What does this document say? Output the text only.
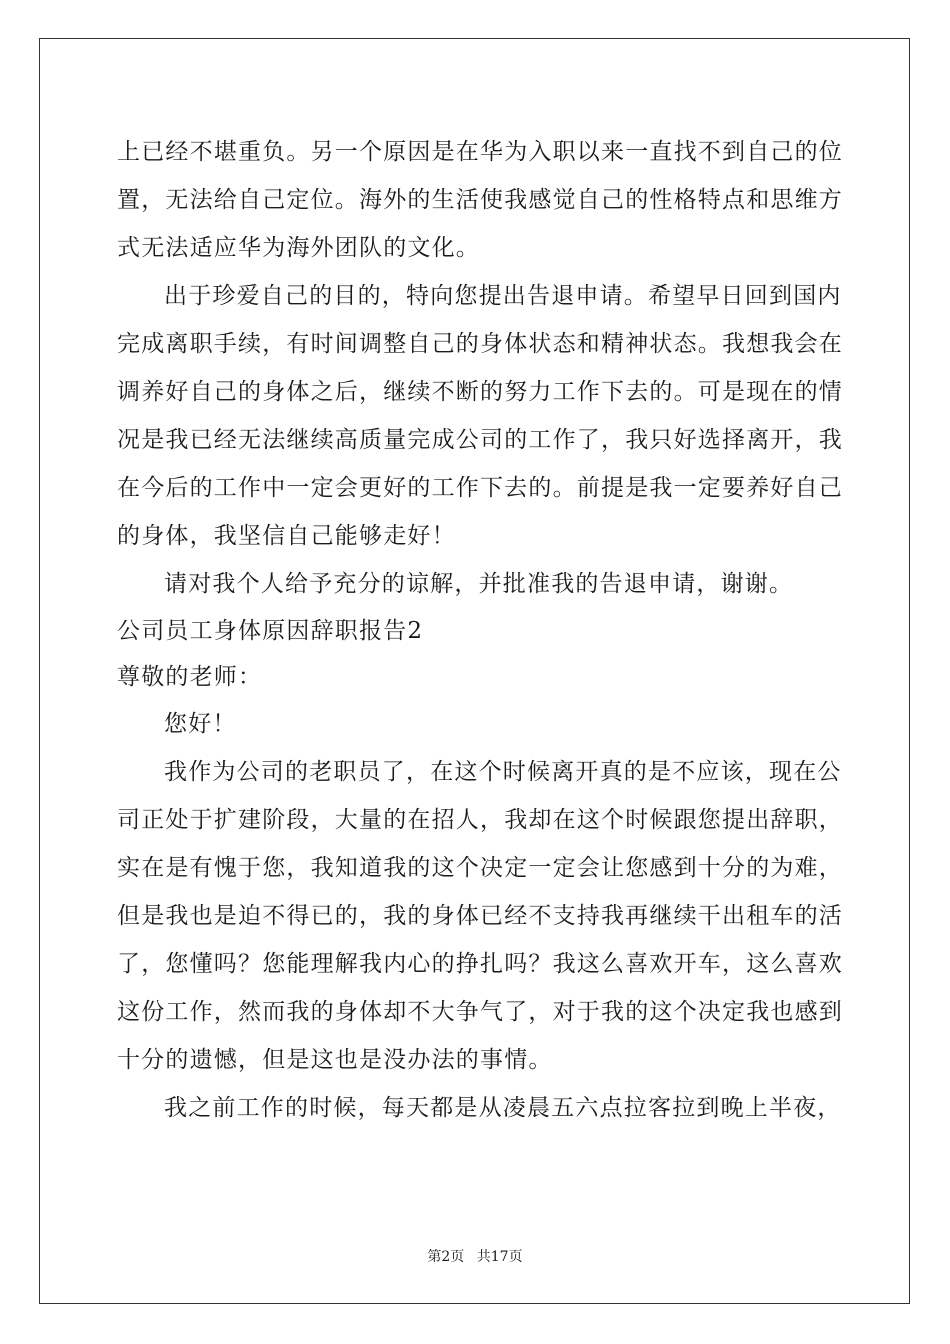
上已经不堪重负。另一个原因是在华为入职以来一直找不到自己的位
置，无法给自己定位。海外的生活使我感觉自己的性格特点和思维方
式无法适应华为海外团队的文化。
出于珍爱自己的目的，特向您提出告退申请。希望早日回到国内
完成离职手续，有时间调整自己的身体状态和精神状态。我想我会在
调养好自己的身体之后，继续不断的努力工作下去的。可是现在的情
况是我已经无法继续高质量完成公司的工作了，我只好选择离开，我
在今后的工作中一定会更好的工作下去的。前提是我一定要养好自己
的身体，我坚信自己能够走好！
请对我个人给予充分的谅解，并批准我的告退申请，谢谢。
公司员工身体原因辞职报告2
尊敬的老师：
您好！
我作为公司的老职员了，在这个时候离开真的是不应该，现在公
司正处于扩建阶段，大量的在招人，我却在这个时候跟您提出辞职，
实在是有愧于您，我知道我的这个决定一定会让您感到十分的为难，
但是我也是迫不得已的，我的身体已经不支持我再继续干出租车的活
了，您懂吗？您能理解我内心的挣扎吗？我这么喜欢开车，这么喜欢
这份工作，然而我的身体却不大争气了，对于我的这个决定我也感到
十分的遗憾，但是这也是没办法的事情。
我之前工作的时候，每天都是从凌晨五六点拉客拉到晚上半夜，
第2页 共17页
